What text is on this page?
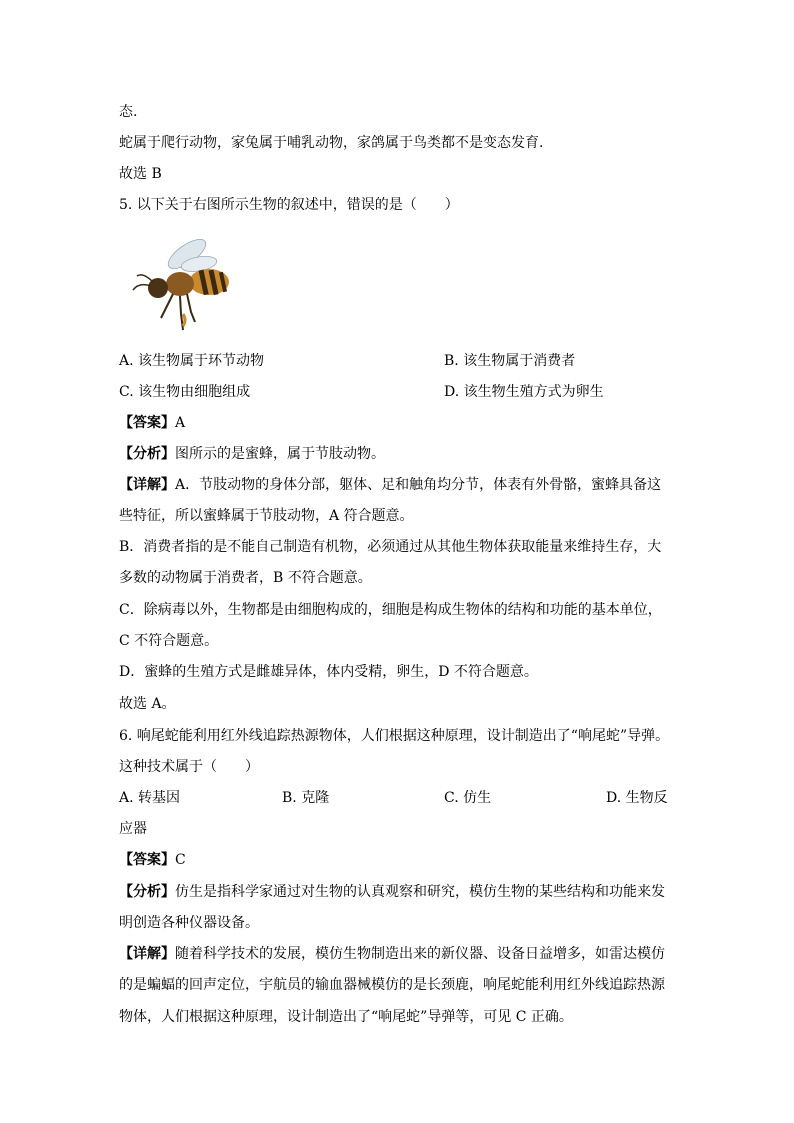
态.
蛇属于爬行动物，家兔属于哺乳动物，家鸽属于鸟类都不是变态发育.
故选 B
5. 以下关于右图所示生物的叙述中，错误的是（　　）
A. 该生物属于环节动物	B. 该生物属于消费者
C. 该生物由细胞组成	D. 该生物生殖方式为卵生
【答案】A
【分析】图所示的是蜜蜂，属于节肢动物。
【详解】A．节肢动物的身体分部，躯体、足和触角均分节，体表有外骨骼，蜜蜂具备这
些特征，所以蜜蜂属于节肢动物，A 符合题意。
B．消费者指的是不能自己制造有机物，必须通过从其他生物体获取能量来维持生存，大
多数的动物属于消费者，B 不符合题意。
C．除病毒以外，生物都是由细胞构成的，细胞是构成生物体的结构和功能的基本单位，
C 不符合题意。
D．蜜蜂的生殖方式是雌雄异体，体内受精，卵生，D 不符合题意。
故选 A。
6. 响尾蛇能利用红外线追踪热源物体，人们根据这种原理，设计制造出了“响尾蛇”导弹。
这种技术属于（　　）
A. 转基因	B. 克隆	C. 仿生	D. 生物反
应器
【答案】C
【分析】仿生是指科学家通过对生物的认真观察和研究，模仿生物的某些结构和功能来发
明创造各种仪器设备。
【详解】随着科学技术的发展，模仿生物制造出来的新仪器、设备日益增多，如雷达模仿
的是蝙蝠的回声定位，宇航员的输血器械模仿的是长颈鹿，响尾蛇能利用红外线追踪热源
物体，人们根据这种原理，设计制造出了“响尾蛇”导弹等，可见 C 正确。
